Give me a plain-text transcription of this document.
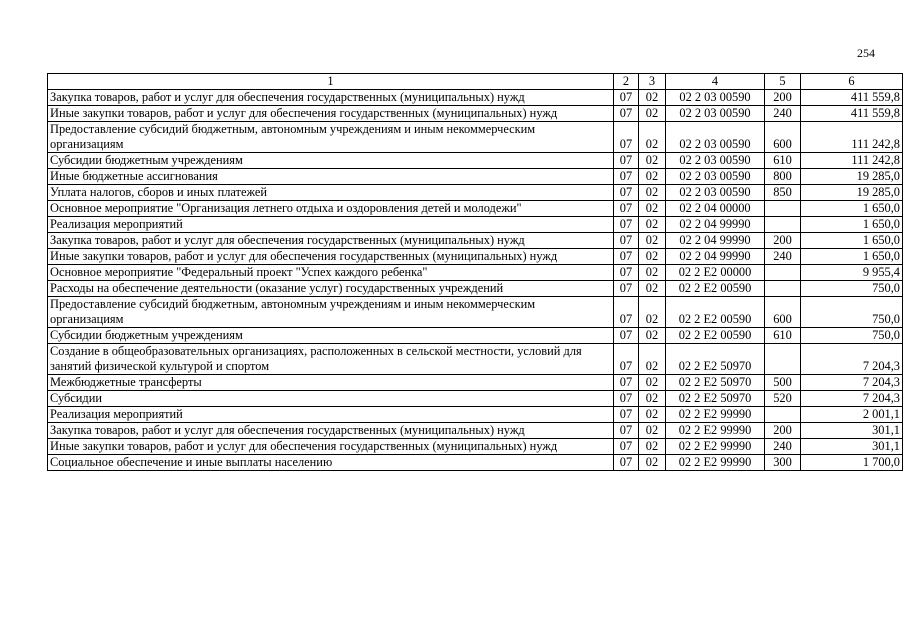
254
1	2	3	4	5	6
Закупка товаров, работ и услуг для обеспечения государственных (муниципальных) нужд	07	02	02 2 03 00590	200	411 559,8
Иные закупки товаров, работ и услуг для обеспечения государственных (муниципальных) нужд	07	02	02 2 03 00590	240	411 559,8
Предоставление субсидий бюджетным, автономным учреждениям и иным некоммерческим организациям	07	02	02 2 03 00590	600	111 242,8
Субсидии бюджетным учреждениям	07	02	02 2 03 00590	610	111 242,8
Иные бюджетные ассигнования	07	02	02 2 03 00590	800	19 285,0
Уплата налогов, сборов и иных платежей	07	02	02 2 03 00590	850	19 285,0
Основное мероприятие "Организация летнего отдыха и оздоровления детей и молодежи"	07	02	02 2 04 00000		1 650,0
Реализация мероприятий	07	02	02 2 04 99990		1 650,0
Закупка товаров, работ и услуг для обеспечения государственных (муниципальных) нужд	07	02	02 2 04 99990	200	1 650,0
Иные закупки товаров, работ и услуг для обеспечения государственных (муниципальных) нужд	07	02	02 2 04 99990	240	1 650,0
Основное мероприятие "Федеральный проект "Успех каждого ребенка"	07	02	02 2 E2 00000		9 955,4
Расходы на обеспечение деятельности (оказание услуг) государственных учреждений	07	02	02 2 E2 00590		750,0
Предоставление субсидий бюджетным, автономным учреждениям и иным некоммерческим организациям	07	02	02 2 E2 00590	600	750,0
Субсидии бюджетным учреждениям	07	02	02 2 E2 00590	610	750,0
Создание в общеобразовательных организациях, расположенных в сельской местности, условий для занятий физической культурой и спортом	07	02	02 2 E2 50970		7 204,3
Межбюджетные трансферты	07	02	02 2 E2 50970	500	7 204,3
Субсидии	07	02	02 2 E2 50970	520	7 204,3
Реализация мероприятий	07	02	02 2 E2 99990		2 001,1
Закупка товаров, работ и услуг для обеспечения государственных (муниципальных) нужд	07	02	02 2 E2 99990	200	301,1
Иные закупки товаров, работ и услуг для обеспечения государственных (муниципальных) нужд	07	02	02 2 E2 99990	240	301,1
Социальное обеспечение и иные выплаты населению	07	02	02 2 E2 99990	300	1 700,0
